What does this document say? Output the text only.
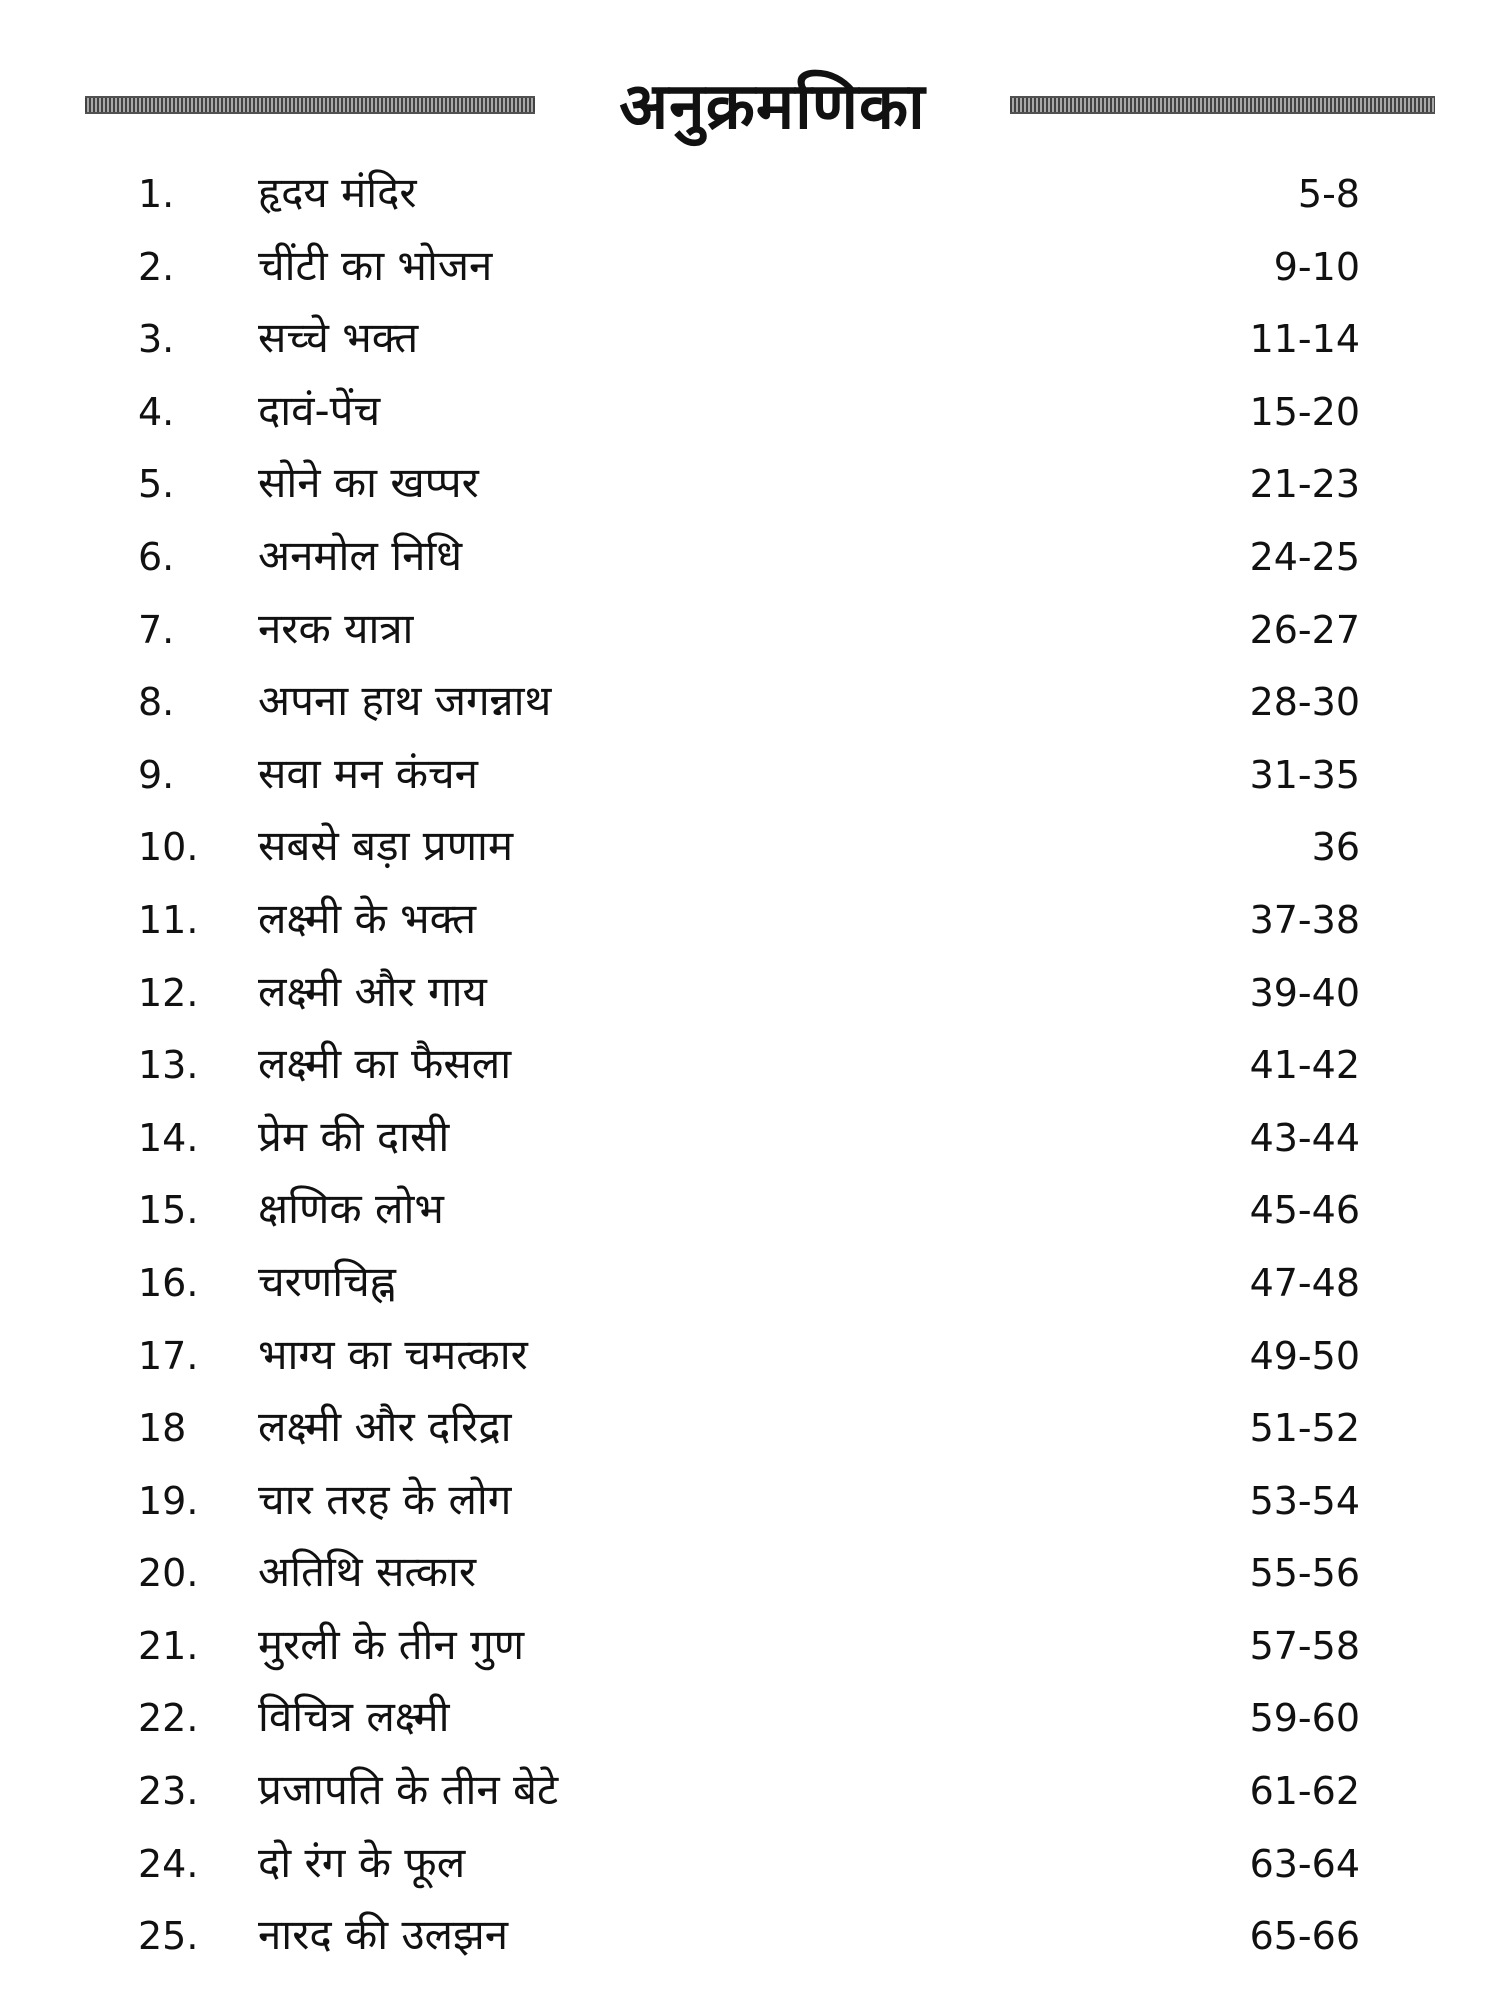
अनुक्रमणिका
1. हृदय मंदिर	5-8
2. चींटी का भोजन	9-10
3. सच्चे भक्त	11-14
4. दावं-पेंच	15-20
5. सोने का खप्पर	21-23
6. अनमोल निधि	24-25
7. नरक यात्रा	26-27
8. अपना हाथ जगन्नाथ	28-30
9. सवा मन कंचन	31-35
10. सबसे बड़ा प्रणाम	36
11. लक्ष्मी के भक्त	37-38
12. लक्ष्मी और गाय	39-40
13. लक्ष्मी का फैसला	41-42
14. प्रेम की दासी	43-44
15. क्षणिक लोभ	45-46
16. चरणचिह्न	47-48
17. भाग्य का चमत्कार	49-50
18 लक्ष्मी और दरिद्रा	51-52
19. चार तरह के लोग	53-54
20. अतिथि सत्कार	55-56
21. मुरली के तीन गुण	57-58
22. विचित्र लक्ष्मी	59-60
23. प्रजापति के तीन बेटे	61-62
24. दो रंग के फूल	63-64
25. नारद की उलझन	65-66
